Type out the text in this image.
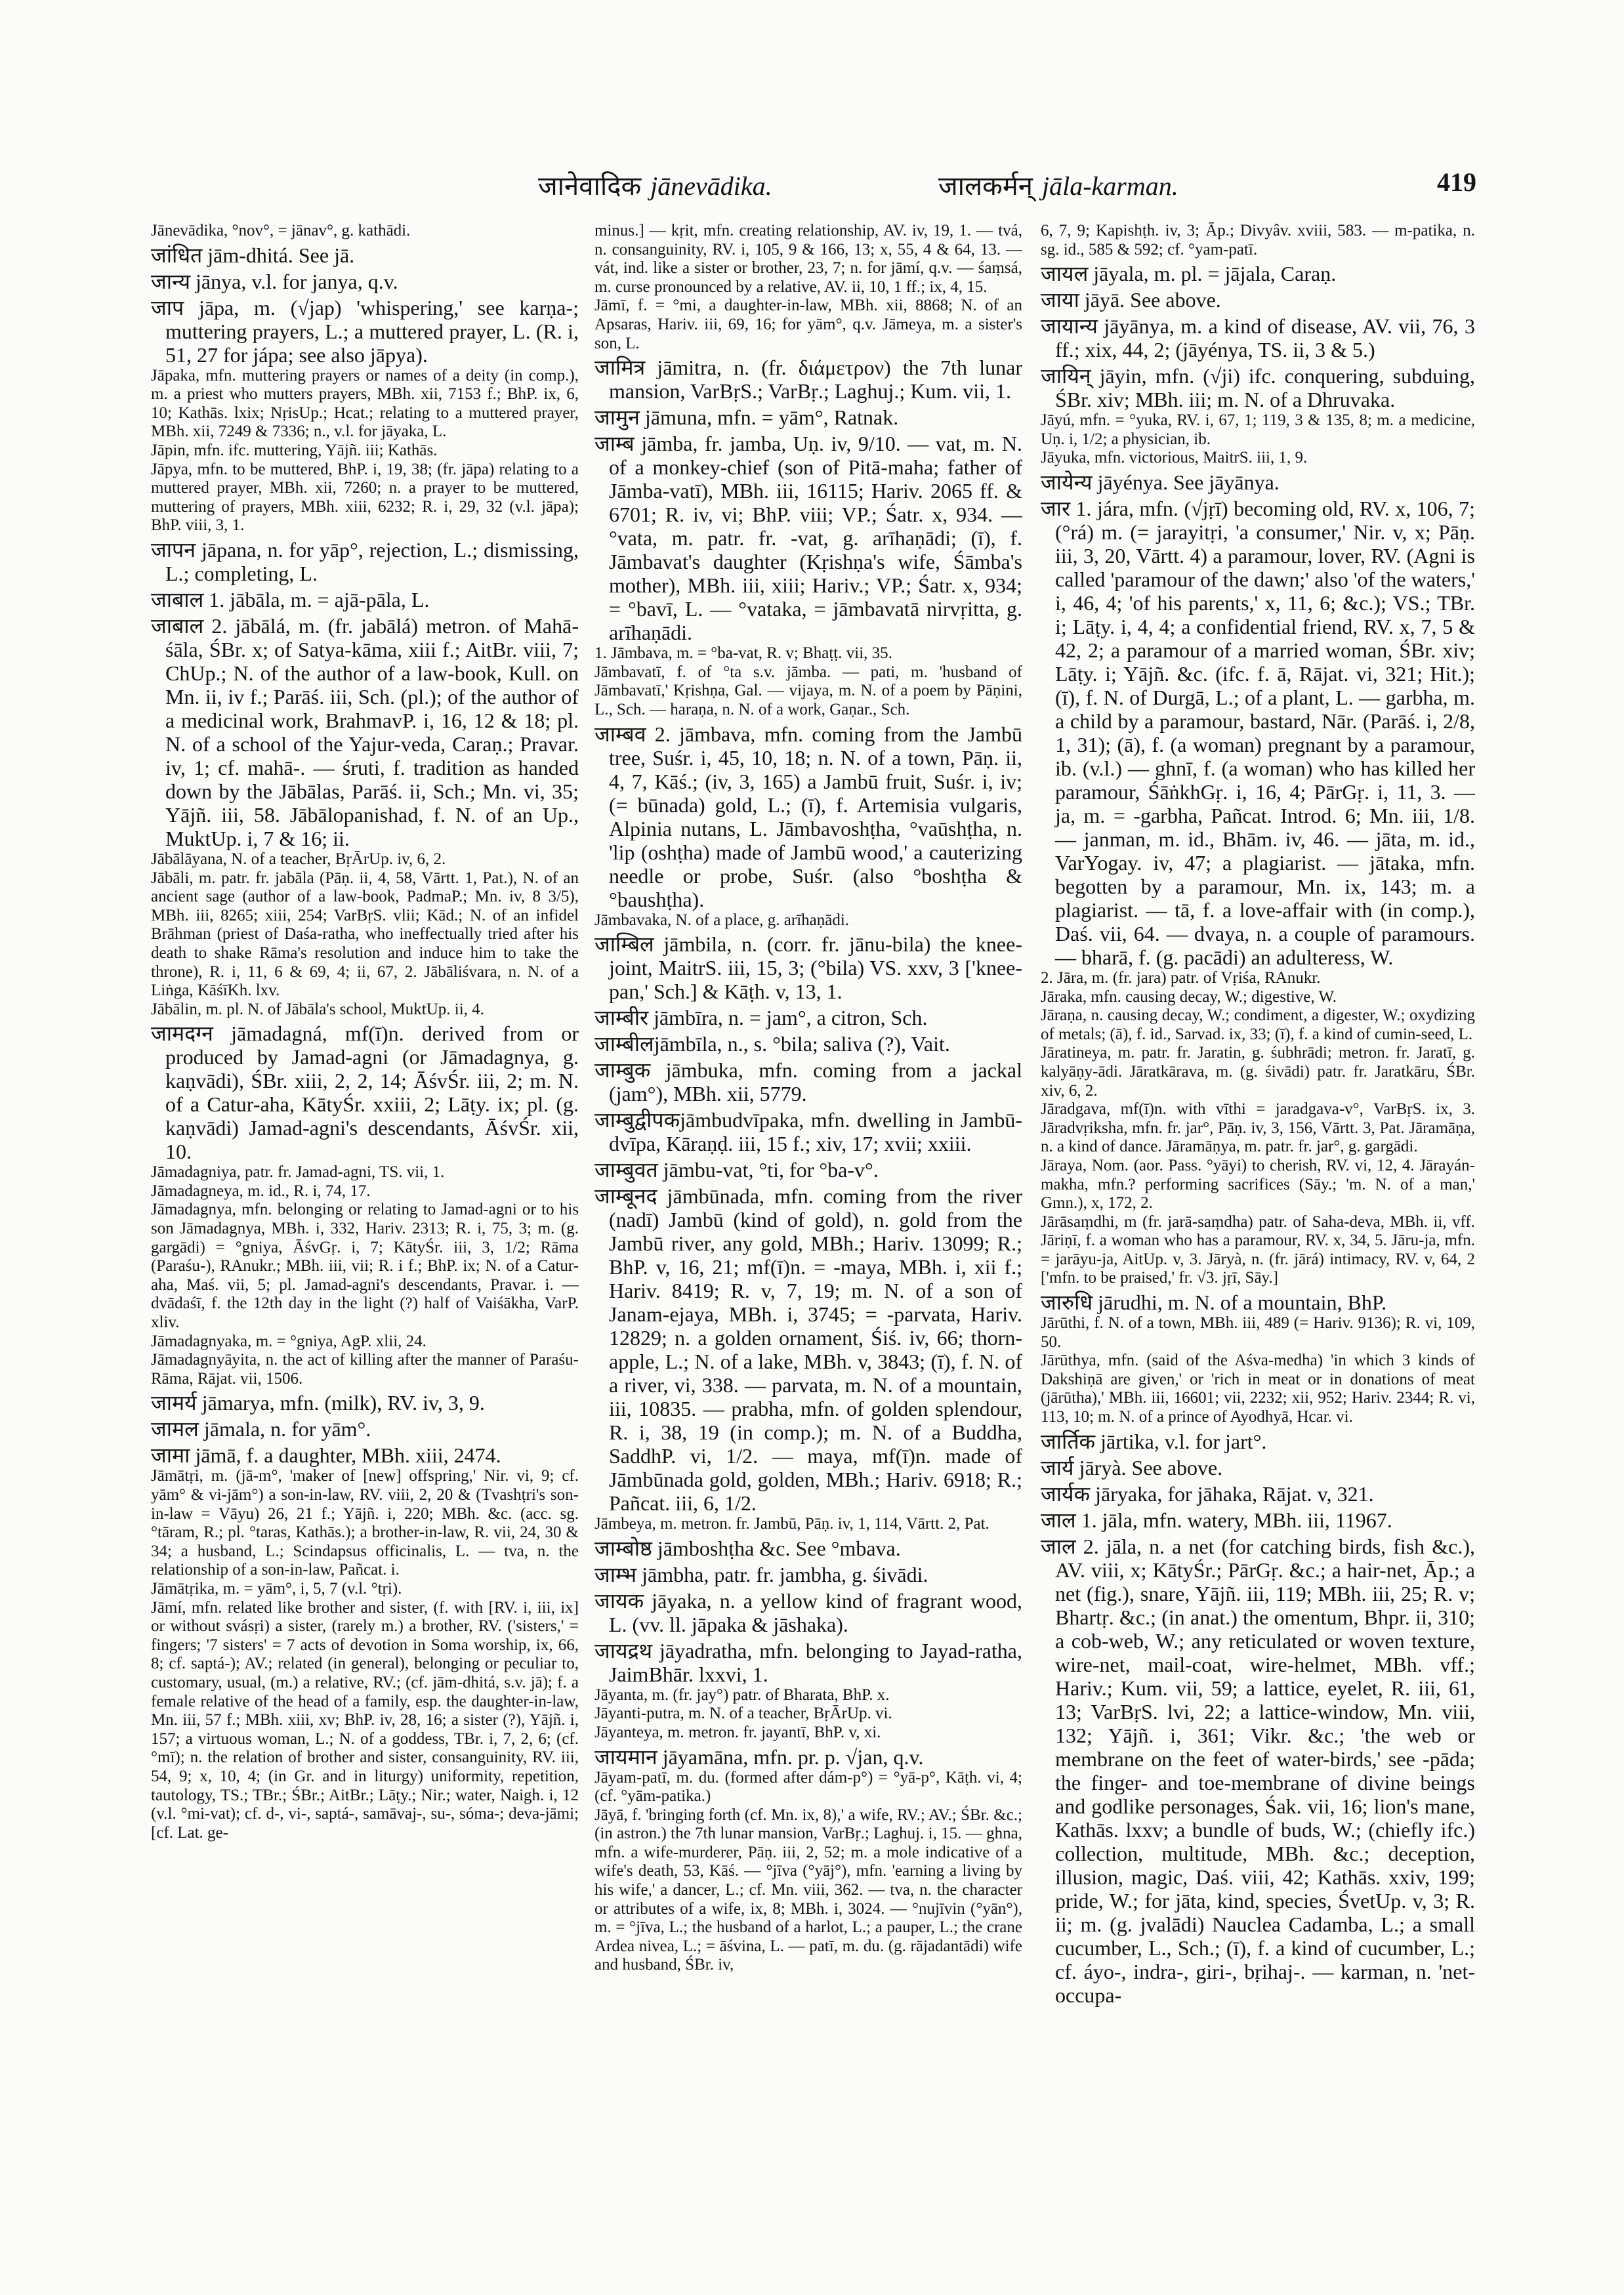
जानेवादिक jānevādika.	जालकर्मन् jāla-karman.	419

Jānevādika, °nov°, = jānav°, g. kathādi.

जांधित jām-dhitá. See jā.

जान्य jānya, v.l. for janya, q.v.

जाप jāpa, m. (√jap) 'whispering,' see karṇa-; muttering prayers, L.; a muttered prayer, L. (R. i, 51, 27 for jápa; see also jāpya).

Jāpaka, mfn. muttering prayers or names of a deity (in comp.), m. a priest who mutters prayers, MBh. xii, 7153 f.; BhP. ix, 6, 10; Kathās. lxix; NṛisUp.; Hcat.; relating to a muttered prayer, MBh. xii, 7249 & 7336; n., v.l. for jāyaka, L.

Jāpin, mfn. ifc. muttering, Yājñ. iii; Kathās.

Jāpya, mfn. to be muttered, BhP. i, 19, 38; (fr. jāpa) relating to a muttered prayer, MBh. xii, 7260; n. a prayer to be muttered, muttering of prayers, MBh. xiii, 6232; R. i, 29, 32 (v.l. jāpa); BhP. viii, 3, 1.

जापन jāpana, n. for yāp°, rejection, L.; dismissing, L.; completing, L.

जाबाल 1. jābāla, m. = ajā-pāla, L.

जाबाल 2. jābālá, m. (fr. jabālá) metron. of Mahā-śāla, ŚBr. x; of Satya-kāma, xiii f.; AitBr. viii, 7; ChUp.; N. of the author of a law-book, Kull. on Mn. ii, iv f.; Parāś. iii, Sch. (pl.); of the author of a medicinal work, BrahmavP. i, 16, 12 & 18; pl. N. of a school of the Yajur-veda, Caraṇ.; Pravar. iv, 1; cf. mahā-. — śruti, f. tradition as handed down by the Jābālas, Parāś. ii, Sch.; Mn. vi, 35; Yājñ. iii, 58. Jābālopanishad, f. N. of an Up., MuktUp. i, 7 & 16; ii.

Jābālāyana, N. of a teacher, BṛĀrUp. iv, 6, 2.

Jābāli, m. patr. fr. jabāla (Pāṇ. ii, 4, 58, Vārtt. 1, Pat.), N. of an ancient sage (author of a law-book, PadmaP.; Mn. iv, 8 3/5), MBh. iii, 8265; xiii, 254; VarBṛS. vlii; Kād.; N. of an infidel Brāhman (priest of Daśa-ratha, who ineffectually tried after his death to shake Rāma's resolution and induce him to take the throne), R. i, 11, 6 & 69, 4; ii, 67, 2. Jābāliśvara, n. N. of a Liṅga, KāśīKh. lxv.

Jābālin, m. pl. N. of Jābāla's school, MuktUp. ii, 4.

जामदग्न jāmadagná, mf(ī)n. derived from or produced by Jamad-agni (or Jāmadagnya, g. kaṇvādi), ŚBr. xiii, 2, 2, 14; ĀśvŚr. iii, 2; m. N. of a Catur-aha, KātyŚr. xxiii, 2; Lāṭy. ix; pl. (g. kaṇvādi) Jamad-agni's descendants, ĀśvŚr. xii, 10.

Jāmadagniya, patr. fr. Jamad-agni, TS. vii, 1.

Jāmadagneya, m. id., R. i, 74, 17.

Jāmadagnya, mfn. belonging or relating to Jamad-agni or to his son Jāmadagnya, MBh. i, 332, Hariv. 2313; R. i, 75, 3; m. (g. gargādi) = °gniya, ĀśvGṛ. i, 7; KātyŚr. iii, 3, 1/2; Rāma (Paraśu-), RAnukr.; MBh. iii, vii; R. i f.; BhP. ix; N. of a Catur-aha, Maś. vii, 5; pl. Jamad-agni's descendants, Pravar. i. — dvādaśī, f. the 12th day in the light (?) half of Vaiśākha, VarP. xliv.

Jāmadagnyaka, m. = °gniya, AgP. xlii, 24.

Jāmadagnyāyita, n. the act of killing after the manner of Paraśu-Rāma, Rājat. vii, 1506.

जामर्य jāmarya, mfn. (milk), RV. iv, 3, 9.

जामल jāmala, n. for yām°.

जामा jāmā, f. a daughter, MBh. xiii, 2474.

Jāmātṛi, m. (jā-m°, 'maker of [new] offspring,' Nir. vi, 9; cf. yām° & vi-jām°) a son-in-law, RV. viii, 2, 20 & (Tvashṭri's son-in-law = Vāyu) 26, 21 f.; Yājñ. i, 220; MBh. &c. (acc. sg. °tāram, R.; pl. °taras, Kathās.); a brother-in-law, R. vii, 24, 30 & 34; a husband, L.; Scindapsus officinalis, L. — tva, n. the relationship of a son-in-law, Pañcat. i.

Jāmātṛika, m. = yām°, i, 5, 7 (v.l. °tṛi).

Jāmí, mfn. related like brother and sister, (f. with [RV. i, iii, ix] or without svásṛi) a sister, (rarely m.) a brother, RV. ('sisters,' = fingers; '7 sisters' = 7 acts of devotion in Soma worship, ix, 66, 8; cf. saptá-); AV.; related (in general), belonging or peculiar to, customary, usual, (m.) a relative, RV.; (cf. jām-dhitá, s.v. jā); f. a female relative of the head of a family, esp. the daughter-in-law, Mn. iii, 57 f.; MBh. xiii, xv; BhP. iv, 28, 16; a sister (?), Yājñ. i, 157; a virtuous woman, L.; N. of a goddess, TBr. i, 7, 2, 6; (cf. °mī); n. the relation of brother and sister, consanguinity, RV. iii, 54, 9; x, 10, 4; (in Gr. and in liturgy) uniformity, repetition, tautology, TS.; TBr.; ŚBr.; AitBr.; Lāṭy.; Nir.; water, Naigh. i, 12 (v.l. °mi-vat); cf. d-, vi-, saptá-, samāvaj-, su-, sóma-; deva-jāmi; [cf. Lat. ge-

minus.] — kṛit, mfn. creating relationship, AV. iv, 19, 1. — tvá, n. consanguinity, RV. i, 105, 9 & 166, 13; x, 55, 4 & 64, 13. — vát, ind. like a sister or brother, 23, 7; n. for jāmí, q.v. — śaṃsá, m. curse pronounced by a relative, AV. ii, 10, 1 ff.; ix, 4, 15.

Jāmī, f. = °mi, a daughter-in-law, MBh. xii, 8868; N. of an Apsaras, Hariv. iii, 69, 16; for yām°, q.v. Jāmeya, m. a sister's son, L.

जामित्र jāmitra, n. (fr. διάμετρον) the 7th lunar mansion, VarBṛS.; VarBṛ.; Laghuj.; Kum. vii, 1.

जामुन jāmuna, mfn. = yām°, Ratnak.

जाम्ब jāmba, fr. jamba, Uṇ. iv, 9/10. — vat, m. N. of a monkey-chief (son of Pitā-maha; father of Jāmba-vatī), MBh. iii, 16115; Hariv. 2065 ff. & 6701; R. iv, vi; BhP. viii; VP.; Śatr. x, 934. — °vata, m. patr. fr. -vat, g. arīhaṇādi; (ī), f. Jāmbavat's daughter (Kṛishṇa's wife, Śāmba's mother), MBh. iii, xiii; Hariv.; VP.; Śatr. x, 934; = °bavī, L. — °vataka, = jāmbavatā nirvṛitta, g. arīhaṇādi.

1. Jāmbava, m. = °ba-vat, R. v; Bhaṭṭ. vii, 35.

Jāmbavatī, f. of °ta s.v. jāmba. — pati, m. 'husband of Jāmbavatī,' Kṛishṇa, Gal. — vijaya, m. N. of a poem by Pāṇini, L., Sch. — haraṇa, n. N. of a work, Gaṇar., Sch.

जाम्बव 2. jāmbava, mfn. coming from the Jambū tree, Suśr. i, 45, 10, 18; n. N. of a town, Pāṇ. ii, 4, 7, Kāś.; (iv, 3, 165) a Jambū fruit, Suśr. i, iv; (= būnada) gold, L.; (ī), f. Artemisia vulgaris, Alpinia nutans, L. Jāmbavoshṭha, °vaūshṭha, n. 'lip (oshṭha) made of Jambū wood,' a cauterizing needle or probe, Suśr. (also °boshṭha & °baushṭha).

Jāmbavaka, N. of a place, g. arīhaṇādi.

जाम्बिल jāmbila, n. (corr. fr. jānu-bila) the knee-joint, MaitrS. iii, 15, 3; (°bila) VS. xxv, 3 ['knee-pan,' Sch.] & Kāṭh. v, 13, 1.

जाम्बीर jāmbīra, n. = jam°, a citron, Sch.

जाम्बीलjāmbīla, n., s. °bila; saliva (?), Vait.

जाम्बुक jāmbuka, mfn. coming from a jackal (jam°), MBh. xii, 5779.

जाम्बुद्वीपकjāmbudvīpaka, mfn. dwelling in Jambū-dvīpa, Kāraṇḍ. iii, 15 f.; xiv, 17; xvii; xxiii.

जाम्बुवत jāmbu-vat, °ti, for °ba-v°.

जाम्बूनद jāmbūnada, mfn. coming from the river (nadī) Jambū (kind of gold), n. gold from the Jambū river, any gold, MBh.; Hariv. 13099; R.; BhP. v, 16, 21; mf(ī)n. = -maya, MBh. i, xii f.; Hariv. 8419; R. v, 7, 19; m. N. of a son of Janam-ejaya, MBh. i, 3745; = -parvata, Hariv. 12829; n. a golden ornament, Śiś. iv, 66; thorn-apple, L.; N. of a lake, MBh. v, 3843; (ī), f. N. of a river, vi, 338. — parvata, m. N. of a mountain, iii, 10835. — prabha, mfn. of golden splendour, R. i, 38, 19 (in comp.); m. N. of a Buddha, SaddhP. vi, 1/2. — maya, mf(ī)n. made of Jāmbūnada gold, golden, MBh.; Hariv. 6918; R.; Pañcat. iii, 6, 1/2.

Jāmbeya, m. metron. fr. Jambū, Pāṇ. iv, 1, 114, Vārtt. 2, Pat.

जाम्बोष्ठ jāmboshṭha &c. See °mbava.

जाम्भ jāmbha, patr. fr. jambha, g. śivādi.

जायक jāyaka, n. a yellow kind of fragrant wood, L. (vv. ll. jāpaka & jāshaka).

जायद्रथ jāyadratha, mfn. belonging to Jayad-ratha, JaimBhār. lxxvi, 1.

Jāyanta, m. (fr. jay°) patr. of Bharata, BhP. x.

Jāyanti-putra, m. N. of a teacher, BṛĀrUp. vi.

Jāyanteya, m. metron. fr. jayantī, BhP. v, xi.

जायमान jāyamāna, mfn. pr. p. √jan, q.v.

Jāyam-patī, m. du. (formed after dám-p°) = °yā-p°, Kāṭh. vi, 4; (cf. °yām-patika.)

Jāyā, f. 'bringing forth (cf. Mn. ix, 8),' a wife, RV.; AV.; ŚBr. &c.; (in astron.) the 7th lunar mansion, VarBṛ.; Laghuj. i, 15. — ghna, mfn. a wife-murderer, Pāṇ. iii, 2, 52; m. a mole indicative of a wife's death, 53, Kāś. — °jīva (°yāj°), mfn. 'earning a living by his wife,' a dancer, L.; cf. Mn. viii, 362. — tva, n. the character or attributes of a wife, ix, 8; MBh. i, 3024. — °nujīvin (°yān°), m. = °jīva, L.; the husband of a harlot, L.; a pauper, L.; the crane Ardea nivea, L.; = āśvina, L. — patī, m. du. (g. rājadantādi) wife and husband, ŚBr. iv,

6, 7, 9; Kapishṭh. iv, 3; Āp.; Divyâv. xviii, 583. — m-patika, n. sg. id., 585 & 592; cf. °yam-patī.

जायल jāyala, m. pl. = jājala, Caraṇ.

जाया jāyā. See above.

जायान्य jāyānya, m. a kind of disease, AV. vii, 76, 3 ff.; xix, 44, 2; (jāyénya, TS. ii, 3 & 5.)

जायिन् jāyin, mfn. (√ji) ifc. conquering, subduing, ŚBr. xiv; MBh. iii; m. N. of a Dhruvaka.

Jāyú, mfn. = °yuka, RV. i, 67, 1; 119, 3 & 135, 8; m. a medicine, Uṇ. i, 1/2; a physician, ib.

Jāyuka, mfn. victorious, MaitrS. iii, 1, 9.

जायेन्य jāyénya. See jāyānya.

जार 1. jára, mfn. (√jṛī) becoming old, RV. x, 106, 7; (°rá) m. (= jarayitṛi, 'a consumer,' Nir. v, x; Pāṇ. iii, 3, 20, Vārtt. 4) a paramour, lover, RV. (Agni is called 'paramour of the dawn;' also 'of the waters,' i, 46, 4; 'of his parents,' x, 11, 6; &c.); VS.; TBr. i; Lāṭy. i, 4, 4; a confidential friend, RV. x, 7, 5 & 42, 2; a paramour of a married woman, ŚBr. xiv; Lāṭy. i; Yājñ. &c. (ifc. f. ā, Rājat. vi, 321; Hit.); (ī), f. N. of Durgā, L.; of a plant, L. — garbha, m. a child by a paramour, bastard, Nār. (Parāś. i, 2/8, 1, 31); (ā), f. (a woman) pregnant by a paramour, ib. (v.l.) — ghnī, f. (a woman) who has killed her paramour, ŚāṅkhGṛ. i, 16, 4; PārGṛ. i, 11, 3. — ja, m. = -garbha, Pañcat. Introd. 6; Mn. iii, 1/8. — janman, m. id., Bhām. iv, 46. — jāta, m. id., VarYogay. iv, 47; a plagiarist. — jātaka, mfn. begotten by a paramour, Mn. ix, 143; m. a plagiarist. — tā, f. a love-affair with (in comp.), Daś. vii, 64. — dvaya, n. a couple of paramours. — bharā, f. (g. pacādi) an adulteress, W.

2. Jāra, m. (fr. jara) patr. of Vṛiśa, RAnukr.

Jāraka, mfn. causing decay, W.; digestive, W.

Jāraṇa, n. causing decay, W.; condiment, a digester, W.; oxydizing of metals; (ā), f. id., Sarvad. ix, 33; (ī), f. a kind of cumin-seed, L.

Jāratineya, m. patr. fr. Jaratin, g. śubhrādi; metron. fr. Jaratī, g. kalyāṇy-ādi. Jāratkārava, m. (g. śivādi) patr. fr. Jaratkāru, ŚBr. xiv, 6, 2.

Jāradgava, mf(ī)n. with vīthi = jaradgava-v°, VarBṛS. ix, 3. Jāradvṛiksha, mfn. fr. jar°, Pāṇ. iv, 3, 156, Vārtt. 3, Pat. Jāramāṇa, n. a kind of dance. Jāramāṇya, m. patr. fr. jar°, g. gargādi.

Jāraya, Nom. (aor. Pass. °yāyi) to cherish, RV. vi, 12, 4. Jārayán-makha, mfn.? performing sacrifices (Sāy.; 'm. N. of a man,' Gmn.), x, 172, 2.

Jārāsaṃdhi, m (fr. jarā-saṃdha) patr. of Saha-deva, MBh. ii, vff. Jāriṇī, f. a woman who has a paramour, RV. x, 34, 5. Jāru-ja, mfn. = jarāyu-ja, AitUp. v, 3. Jāryà, n. (fr. jārá) intimacy, RV. v, 64, 2 ['mfn. to be praised,' fr. √3. jṛī, Sāy.]

जारुधि jārudhi, m. N. of a mountain, BhP.

Jārūthi, f. N. of a town, MBh. iii, 489 (= Hariv. 9136); R. vi, 109, 50.

Jārūthya, mfn. (said of the Aśva-medha) 'in which 3 kinds of Dakshiṇā are given,' or 'rich in meat or in donations of meat (jārūtha),' MBh. iii, 16601; vii, 2232; xii, 952; Hariv. 2344; R. vi, 113, 10; m. N. of a prince of Ayodhyā, Hcar. vi.

जार्तिक jārtika, v.l. for jart°.

जार्य jāryà. See above.

जार्यक jāryaka, for jāhaka, Rājat. v, 321.

जाल 1. jāla, mfn. watery, MBh. iii, 11967.

जाल 2. jāla, n. a net (for catching birds, fish &c.), AV. viii, x; KātyŚr.; PārGṛ. &c.; a hair-net, Āp.; a net (fig.), snare, Yājñ. iii, 119; MBh. iii, 25; R. v; Bhartṛ. &c.; (in anat.) the omentum, Bhpr. ii, 310; a cob-web, W.; any reticulated or woven texture, wire-net, mail-coat, wire-helmet, MBh. vff.; Hariv.; Kum. vii, 59; a lattice, eyelet, R. iii, 61, 13; VarBṛS. lvi, 22; a lattice-window, Mn. viii, 132; Yājñ. i, 361; Vikr. &c.; 'the web or membrane on the feet of water-birds,' see -pāda; the finger- and toe-membrane of divine beings and godlike personages, Śak. vii, 16; lion's mane, Kathās. lxxv; a bundle of buds, W.; (chiefly ifc.) collection, multitude, MBh. &c.; deception, illusion, magic, Daś. viii, 42; Kathās. xxiv, 199; pride, W.; for jāta, kind, species, ŚvetUp. v, 3; R. ii; m. (g. jvalādi) Nauclea Cadamba, L.; a small cucumber, L., Sch.; (ī), f. a kind of cucumber, L.; cf. áyo-, indra-, giri-, bṛihaj-. — karman, n. 'net-occupa-
